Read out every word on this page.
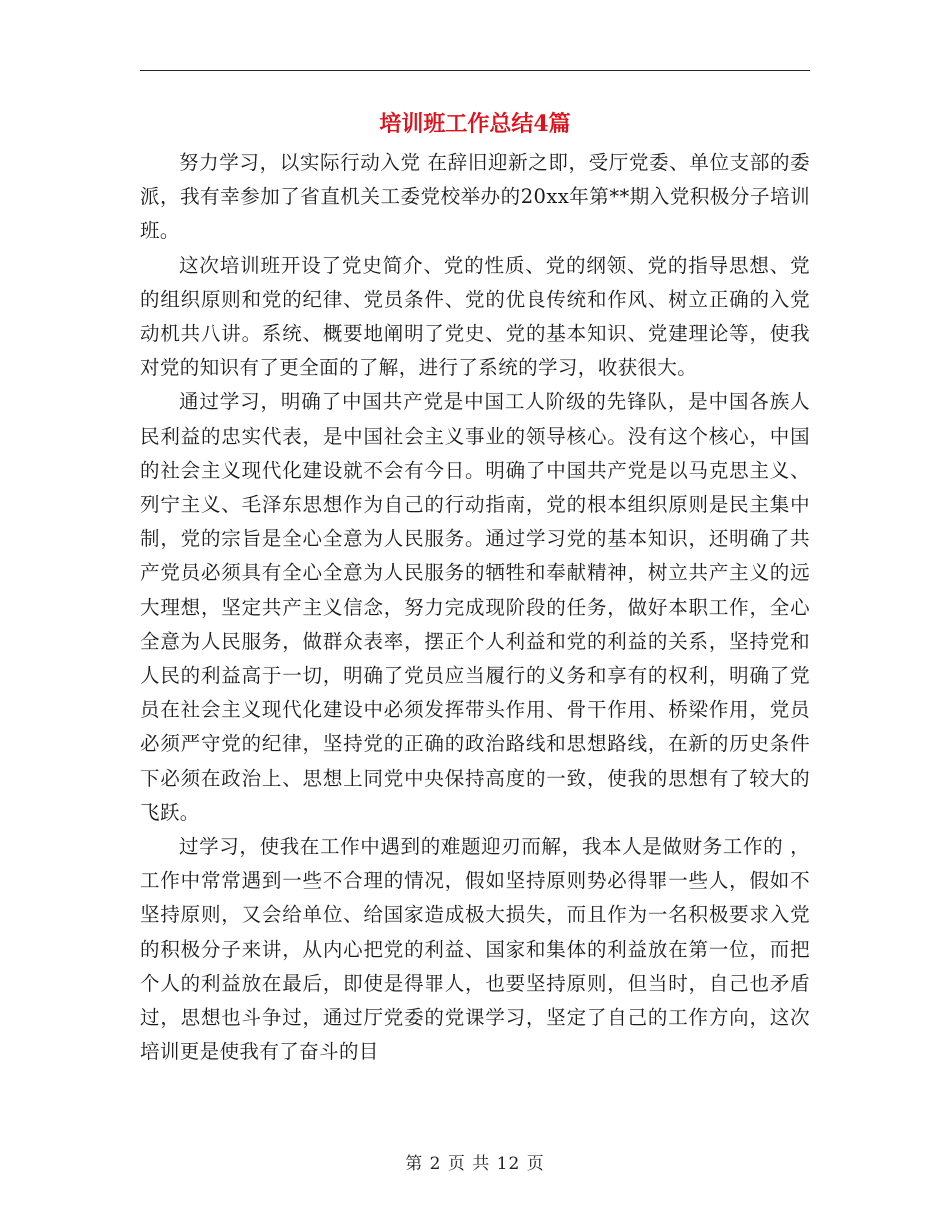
培训班工作总结4篇

努力学习，以实际行动入党 在辞旧迎新之即，受厅党委、单位支部的委派，我有幸参加了省直机关工委党校举办的20xx年第**期入党积极分子培训班。

这次培训班开设了党史简介、党的性质、党的纲领、党的指导思想、党的组织原则和党的纪律、党员条件、党的优良传统和作风、树立正确的入党动机共八讲。系统、概要地阐明了党史、党的基本知识、党建理论等，使我对党的知识有了更全面的了解，进行了系统的学习，收获很大。

通过学习，明确了中国共产党是中国工人阶级的先锋队，是中国各族人民利益的忠实代表，是中国社会主义事业的领导核心。没有这个核心，中国的社会主义现代化建设就不会有今日。明确了中国共产党是以马克思主义、列宁主义、毛泽东思想作为自己的行动指南，党的根本组织原则是民主集中制，党的宗旨是全心全意为人民服务。通过学习党的基本知识，还明确了共产党员必须具有全心全意为人民服务的牺牲和奉献精神，树立共产主义的远大理想，坚定共产主义信念，努力完成现阶段的任务，做好本职工作，全心全意为人民服务，做群众表率，摆正个人利益和党的利益的关系，坚持党和人民的利益高于一切，明确了党员应当履行的义务和享有的权利，明确了党员在社会主义现代化建设中必须发挥带头作用、骨干作用、桥梁作用，党员必须严守党的纪律，坚持党的正确的政治路线和思想路线，在新的历史条件下必须在政治上、思想上同党中央保持高度的一致，使我的思想有了较大的飞跃。

过学习，使我在工作中遇到的难题迎刃而解，我本人是做财务工作的 ，工作中常常遇到一些不合理的情况，假如坚持原则势必得罪一些人，假如不坚持原则，又会给单位、给国家造成极大损失，而且作为一名积极要求入党的积极分子来讲，从内心把党的利益、国家和集体的利益放在第一位，而把个人的利益放在最后，即使是得罪人，也要坚持原则，但当时，自己也矛盾过，思想也斗争过，通过厅党委的党课学习，坚定了自己的工作方向，这次培训更是使我有了奋斗的目

第 2 页 共 12 页
